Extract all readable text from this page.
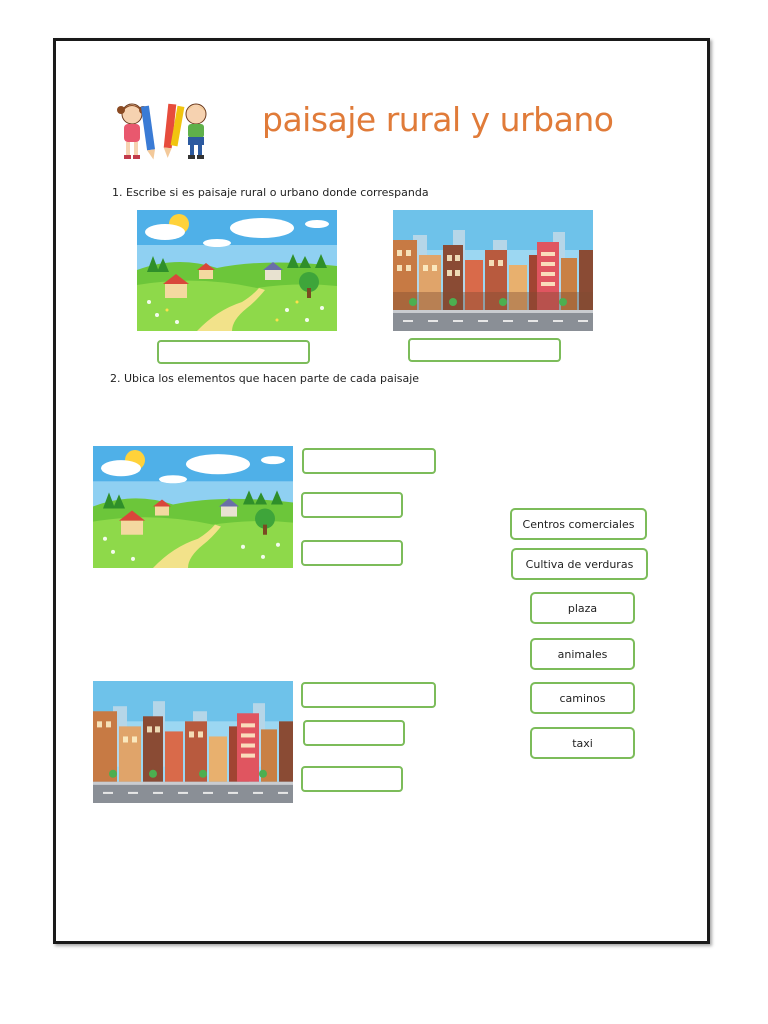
paisaje rural y urbano
1. Escribe si es paisaje rural o urbano donde correspanda
2. Ubica los elementos que hacen parte de cada paisaje
Centros comerciales
Cultiva de verduras
plaza
animales
caminos
taxi
